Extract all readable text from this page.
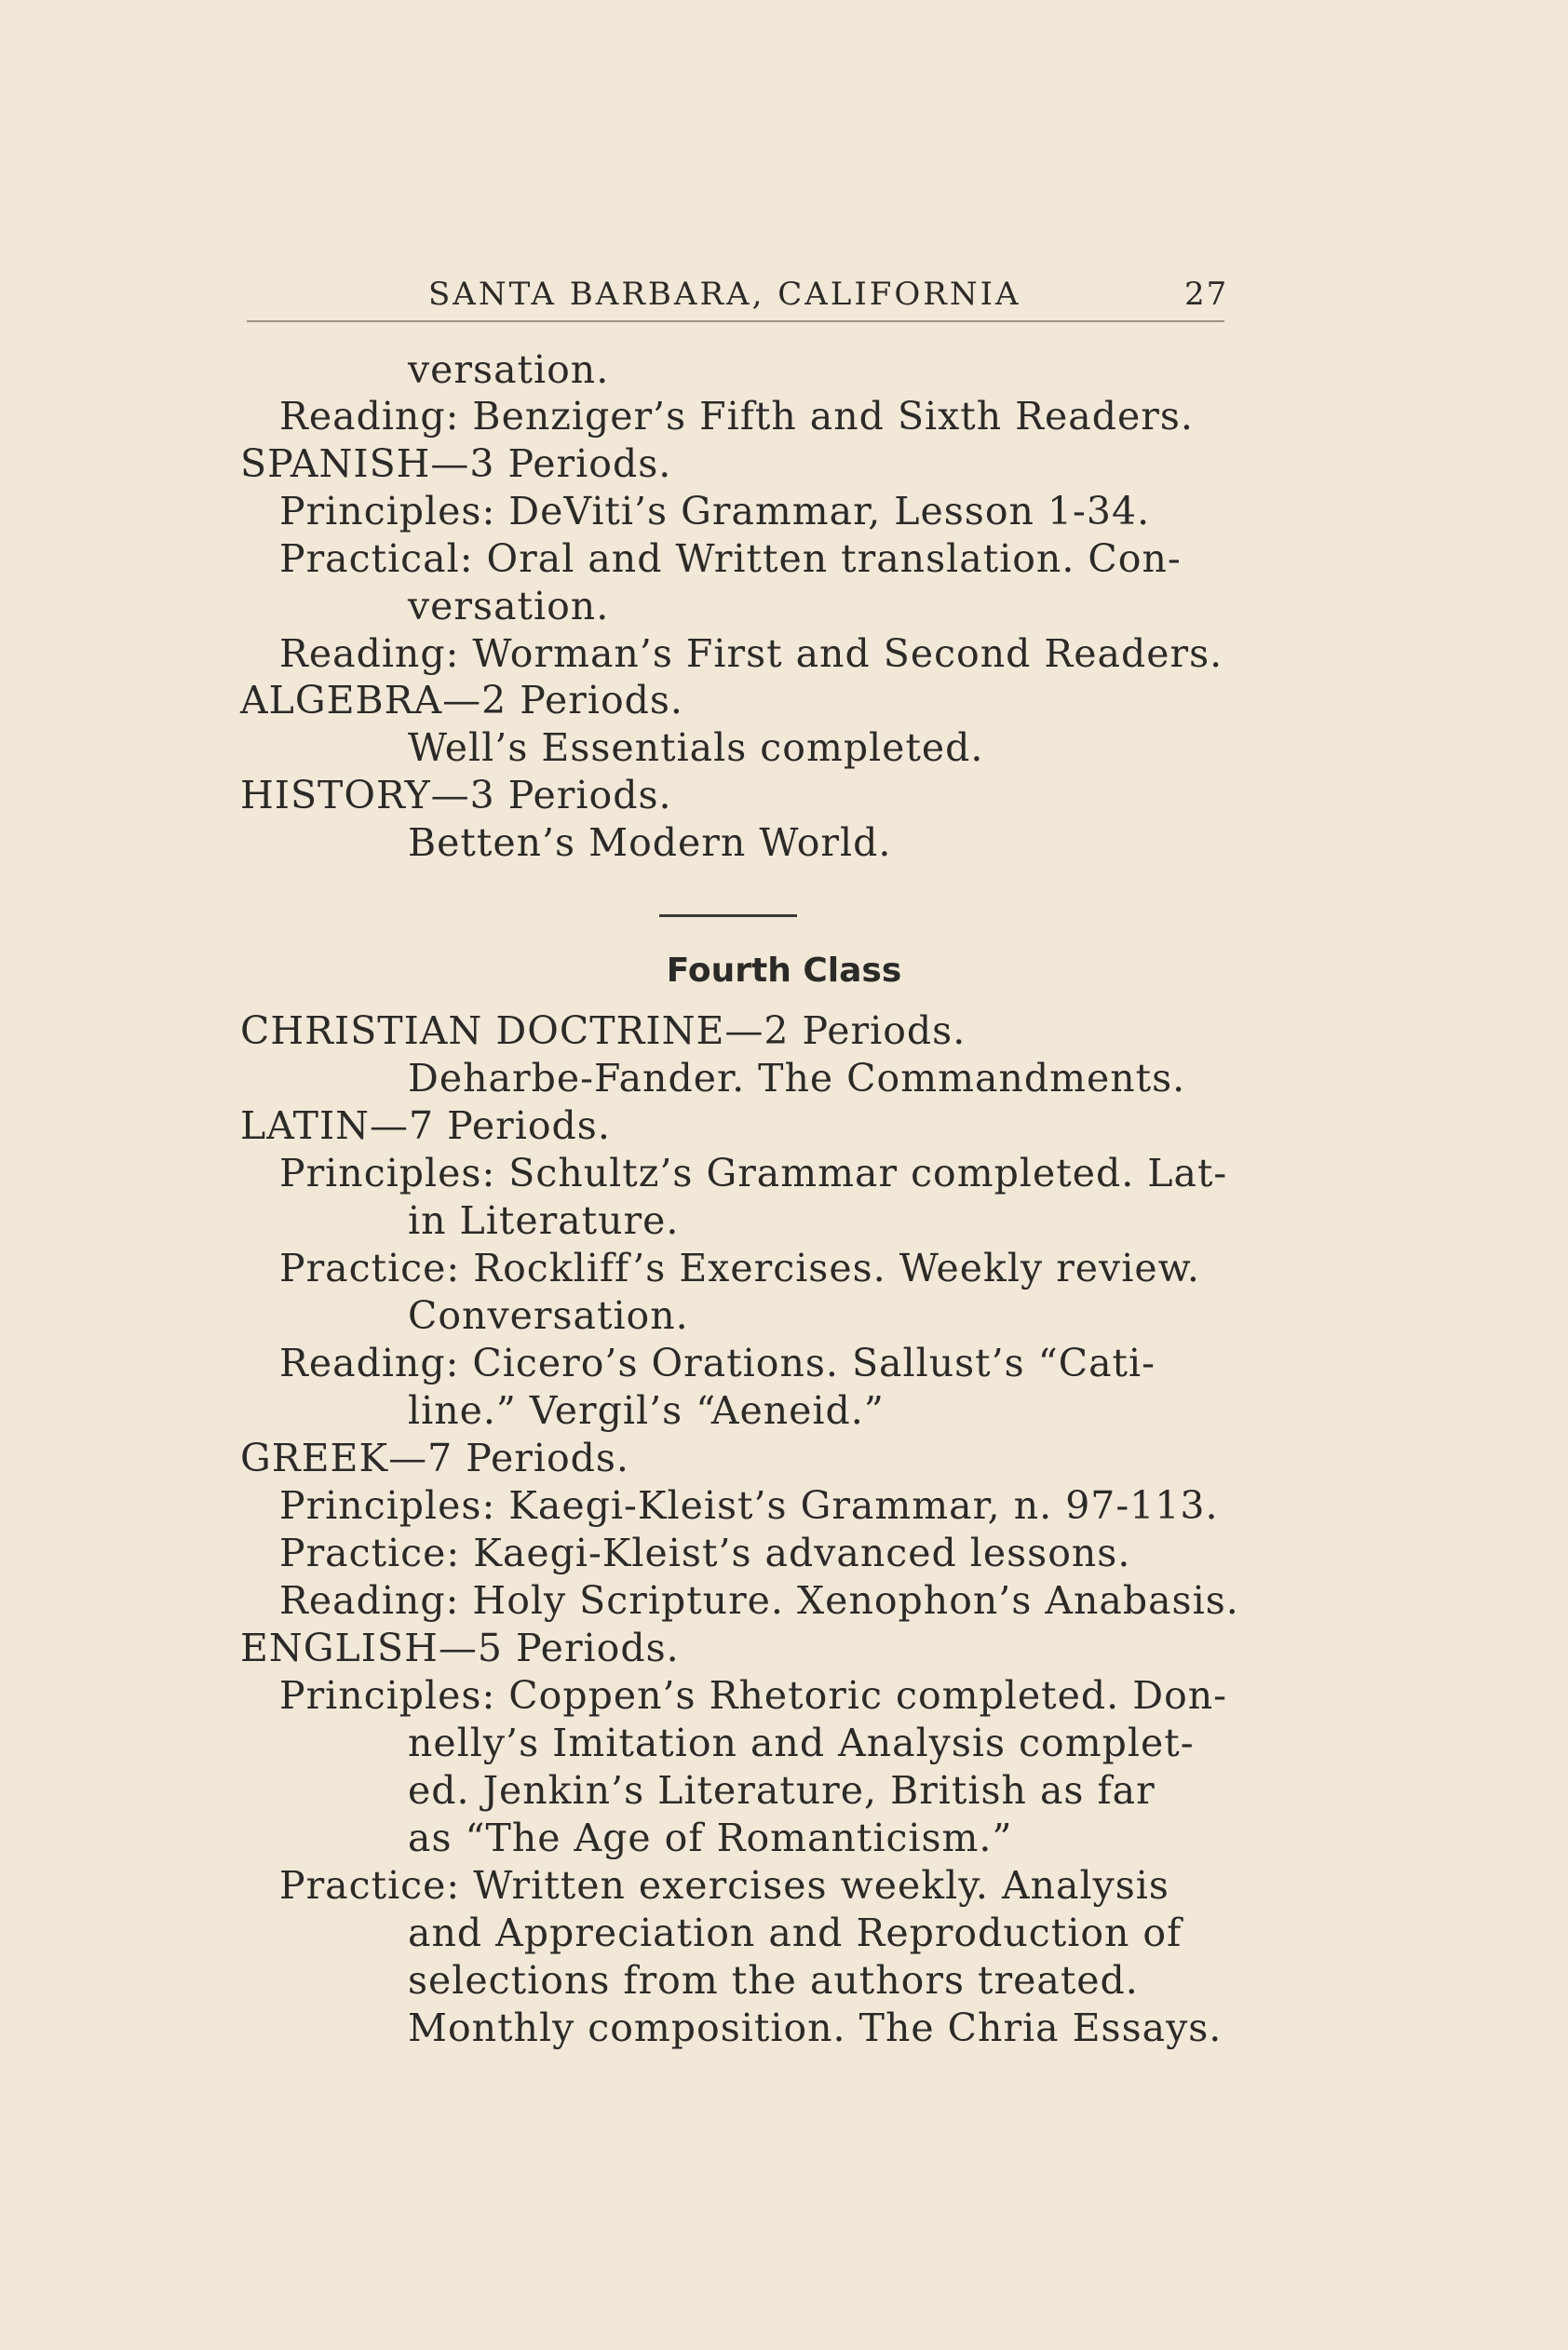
SANTA BARBARA, CALIFORNIA	27
versation.
Reading: Benziger’s Fifth and Sixth Readers.
SPANISH—3 Periods.
Principles: DeViti’s Grammar, Lesson 1-34.
Practical: Oral and Written translation. Con-
versation.
Reading: Worman’s First and Second Readers.
ALGEBRA—2 Periods.
Well’s Essentials completed.
HISTORY—3 Periods.
Betten’s Modern World.
Fourth Class
CHRISTIAN DOCTRINE—2 Periods.
Deharbe-Fander. The Commandments.
LATIN—7 Periods.
Principles: Schultz’s Grammar completed. Lat-
in Literature.
Practice: Rockliff’s Exercises. Weekly review.
Conversation.
Reading: Cicero’s Orations. Sallust’s “Cati-
line.” Vergil’s “Aeneid.”
GREEK—7 Periods.
Principles: Kaegi-Kleist’s Grammar, n. 97-113.
Practice: Kaegi-Kleist’s advanced lessons.
Reading: Holy Scripture. Xenophon’s Anabasis.
ENGLISH—5 Periods.
Principles: Coppen’s Rhetoric completed. Don-
nelly’s Imitation and Analysis complet-
ed. Jenkin’s Literature, British as far
as “The Age of Romanticism.”
Practice: Written exercises weekly. Analysis
and Appreciation and Reproduction of
selections from the authors treated.
Monthly composition. The Chria Essays.
